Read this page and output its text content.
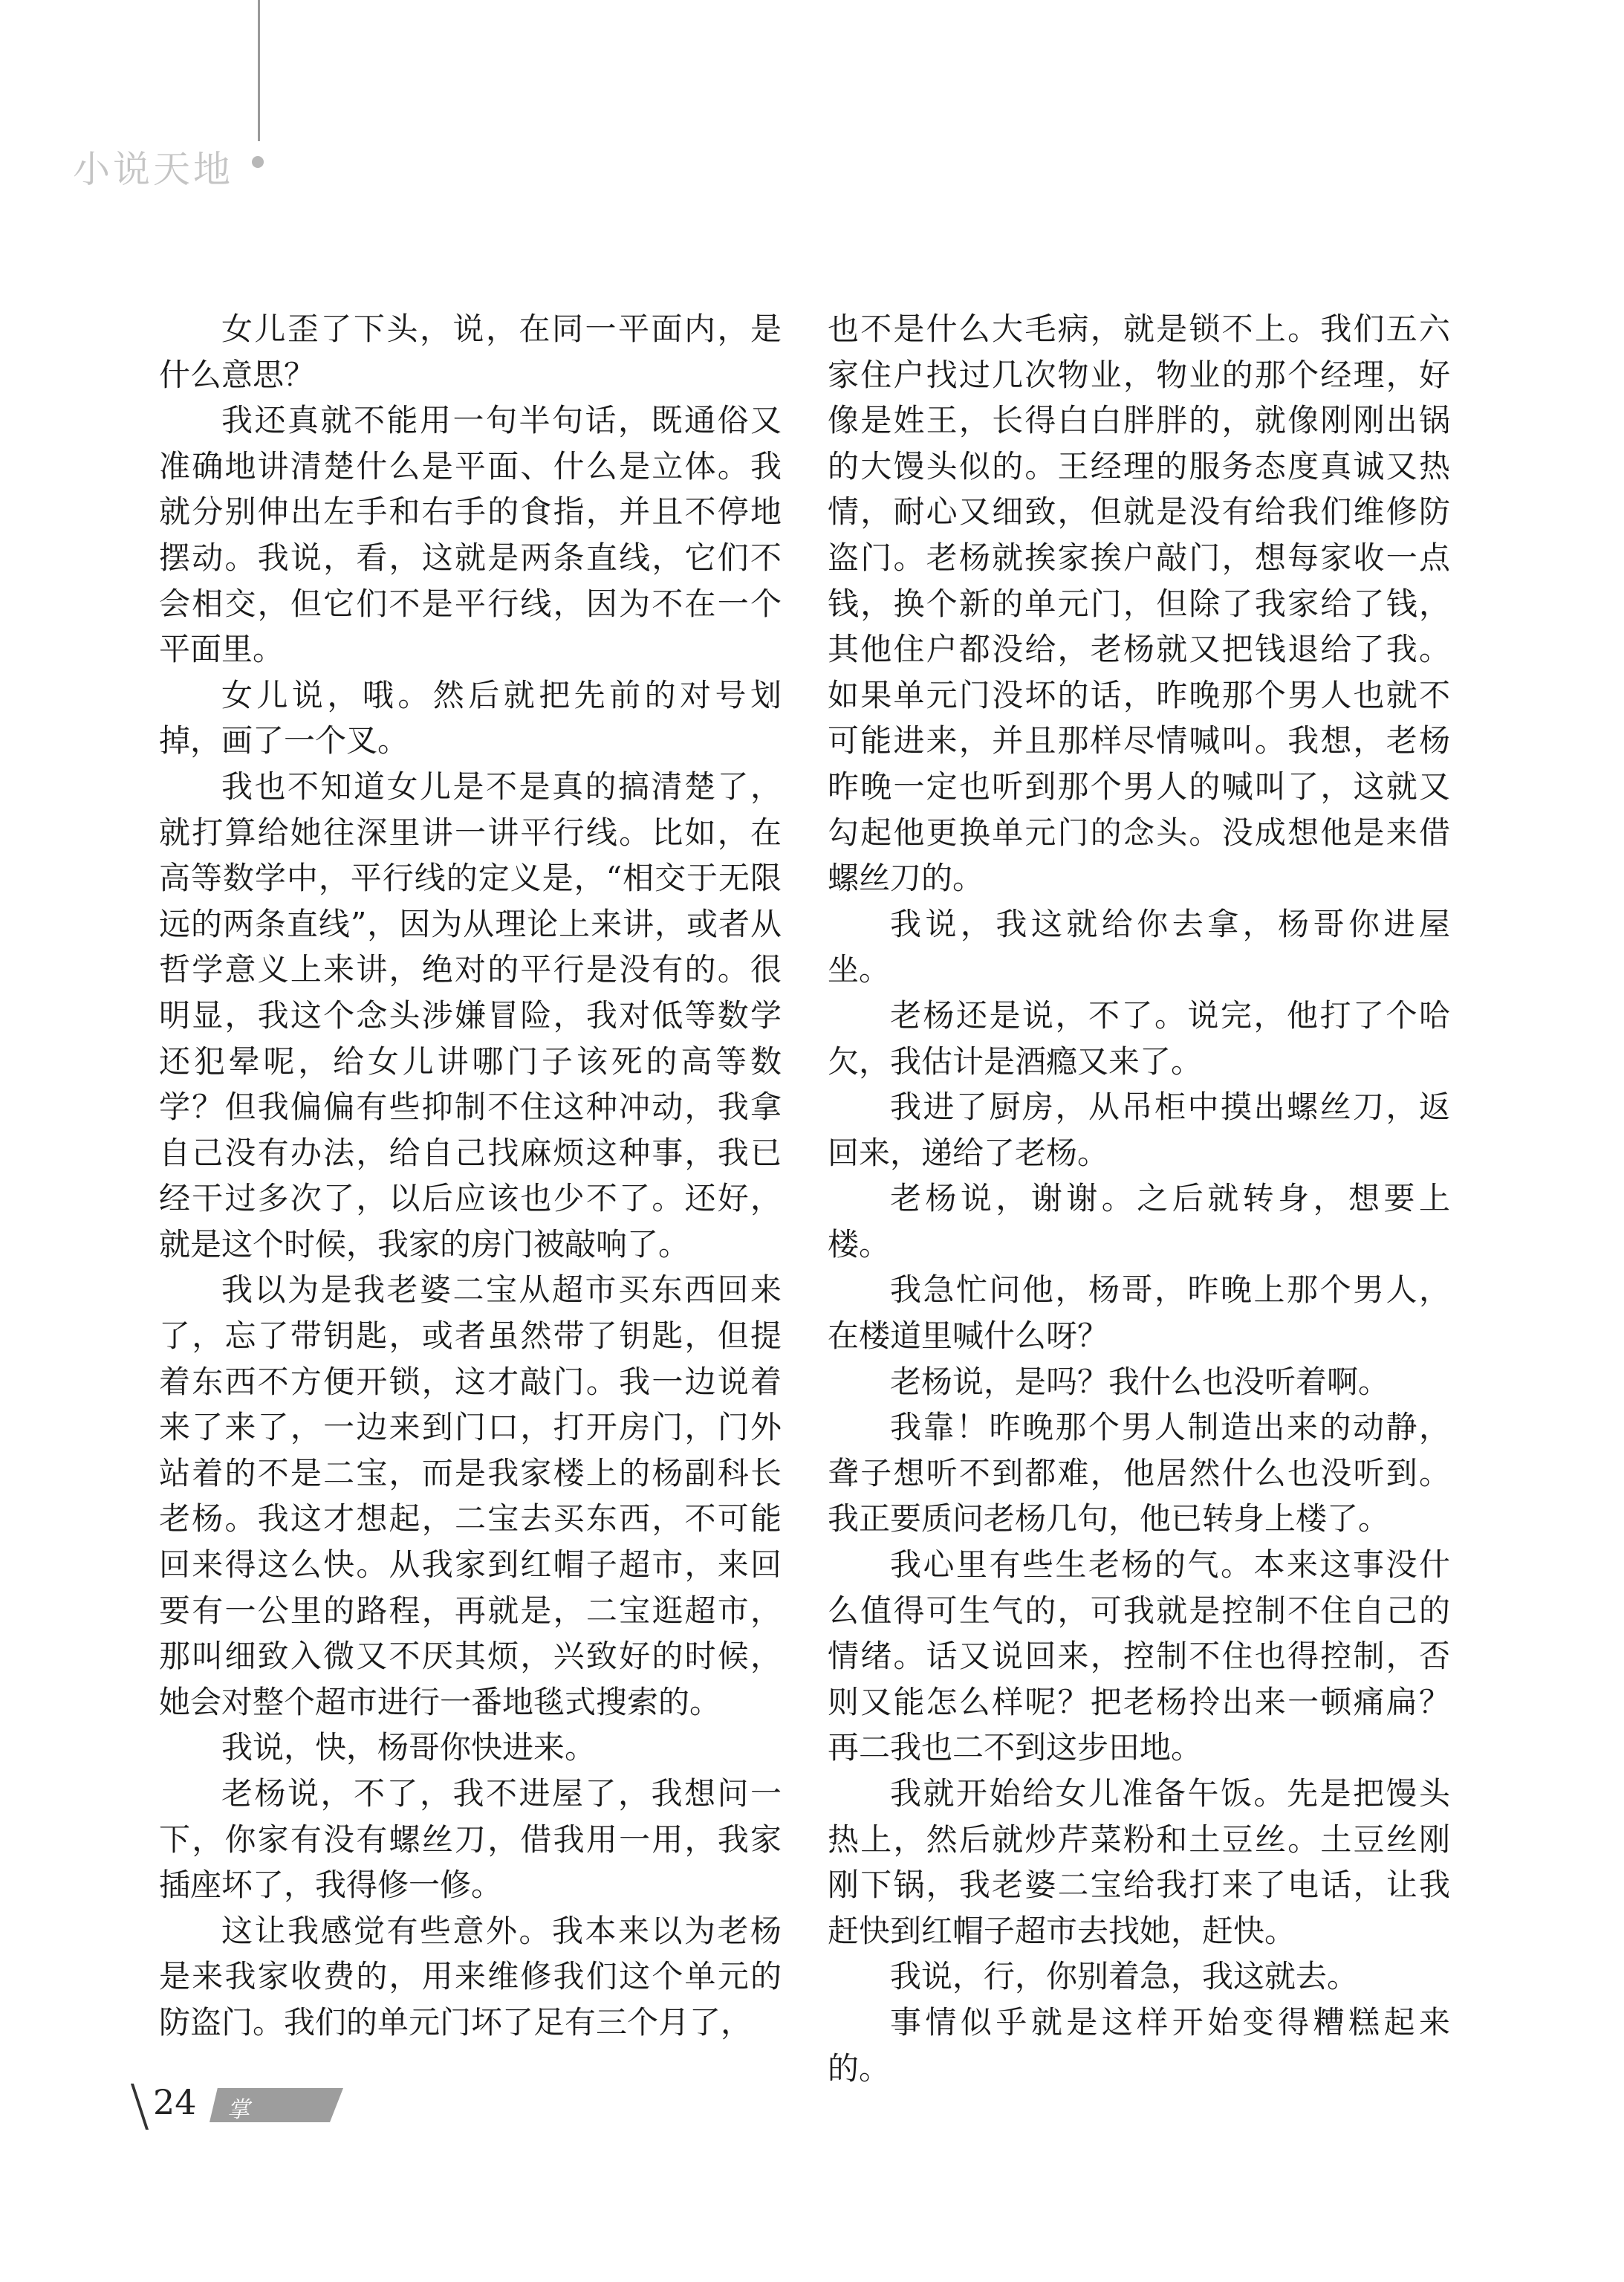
小说天地

女儿歪了下头，说，在同一平面内，是什么意思？

我还真就不能用一句半句话，既通俗又准确地讲清楚什么是平面、什么是立体。我就分别伸出左手和右手的食指，并且不停地摆动。我说，看，这就是两条直线，它们不会相交，但它们不是平行线，因为不在一个平面里。

女儿说，哦。然后就把先前的对号划掉，画了一个叉。

我也不知道女儿是不是真的搞清楚了，就打算给她往深里讲一讲平行线。比如，在高等数学中，平行线的定义是，“相交于无限远的两条直线”，因为从理论上来讲，或者从哲学意义上来讲，绝对的平行是没有的。很明显，我这个念头涉嫌冒险，我对低等数学还犯晕呢，给女儿讲哪门子该死的高等数学？但我偏偏有些抑制不住这种冲动，我拿自己没有办法，给自己找麻烦这种事，我已经干过多次了，以后应该也少不了。还好，就是这个时候，我家的房门被敲响了。

我以为是我老婆二宝从超市买东西回来了，忘了带钥匙，或者虽然带了钥匙，但提着东西不方便开锁，这才敲门。我一边说着来了来了，一边来到门口，打开房门，门外站着的不是二宝，而是我家楼上的杨副科长老杨。我这才想起，二宝去买东西，不可能回来得这么快。从我家到红帽子超市，来回要有一公里的路程，再就是，二宝逛超市，那叫细致入微又不厌其烦，兴致好的时候，她会对整个超市进行一番地毯式搜索的。

我说，快，杨哥你快进来。

老杨说，不了，我不进屋了，我想问一下，你家有没有螺丝刀，借我用一用，我家插座坏了，我得修一修。

这让我感觉有些意外。我本来以为老杨是来我家收费的，用来维修我们这个单元的防盗门。我们的单元门坏了足有三个月了，

也不是什么大毛病，就是锁不上。我们五六家住户找过几次物业，物业的那个经理，好像是姓王，长得白白胖胖的，就像刚刚出锅的大馒头似的。王经理的服务态度真诚又热情，耐心又细致，但就是没有给我们维修防盗门。老杨就挨家挨户敲门，想每家收一点钱，换个新的单元门，但除了我家给了钱，其他住户都没给，老杨就又把钱退给了我。如果单元门没坏的话，昨晚那个男人也就不可能进来，并且那样尽情喊叫。我想，老杨昨晚一定也听到那个男人的喊叫了，这就又勾起他更换单元门的念头。没成想他是来借螺丝刀的。

我说，我这就给你去拿，杨哥你进屋坐。

老杨还是说，不了。说完，他打了个哈欠，我估计是酒瘾又来了。

我进了厨房，从吊柜中摸出螺丝刀，返回来，递给了老杨。

老杨说，谢谢。之后就转身，想要上楼。

我急忙问他，杨哥，昨晚上那个男人，在楼道里喊什么呀？

老杨说，是吗？我什么也没听着啊。

我靠！昨晚那个男人制造出来的动静，聋子想听不到都难，他居然什么也没听到。我正要质问老杨几句，他已转身上楼了。

我心里有些生老杨的气。本来这事没什么值得可生气的，可我就是控制不住自己的情绪。话又说回来，控制不住也得控制，否则又能怎么样呢？把老杨拎出来一顿痛扁？再二我也二不到这步田地。

我就开始给女儿准备午饭。先是把馒头热上，然后就炒芹菜粉和土豆丝。土豆丝刚刚下锅，我老婆二宝给我打来了电话，让我赶快到红帽子超市去找她，赶快。

我说，行，你别着急，我这就去。

事情似乎就是这样开始变得糟糕起来的。

24 掌源文学
